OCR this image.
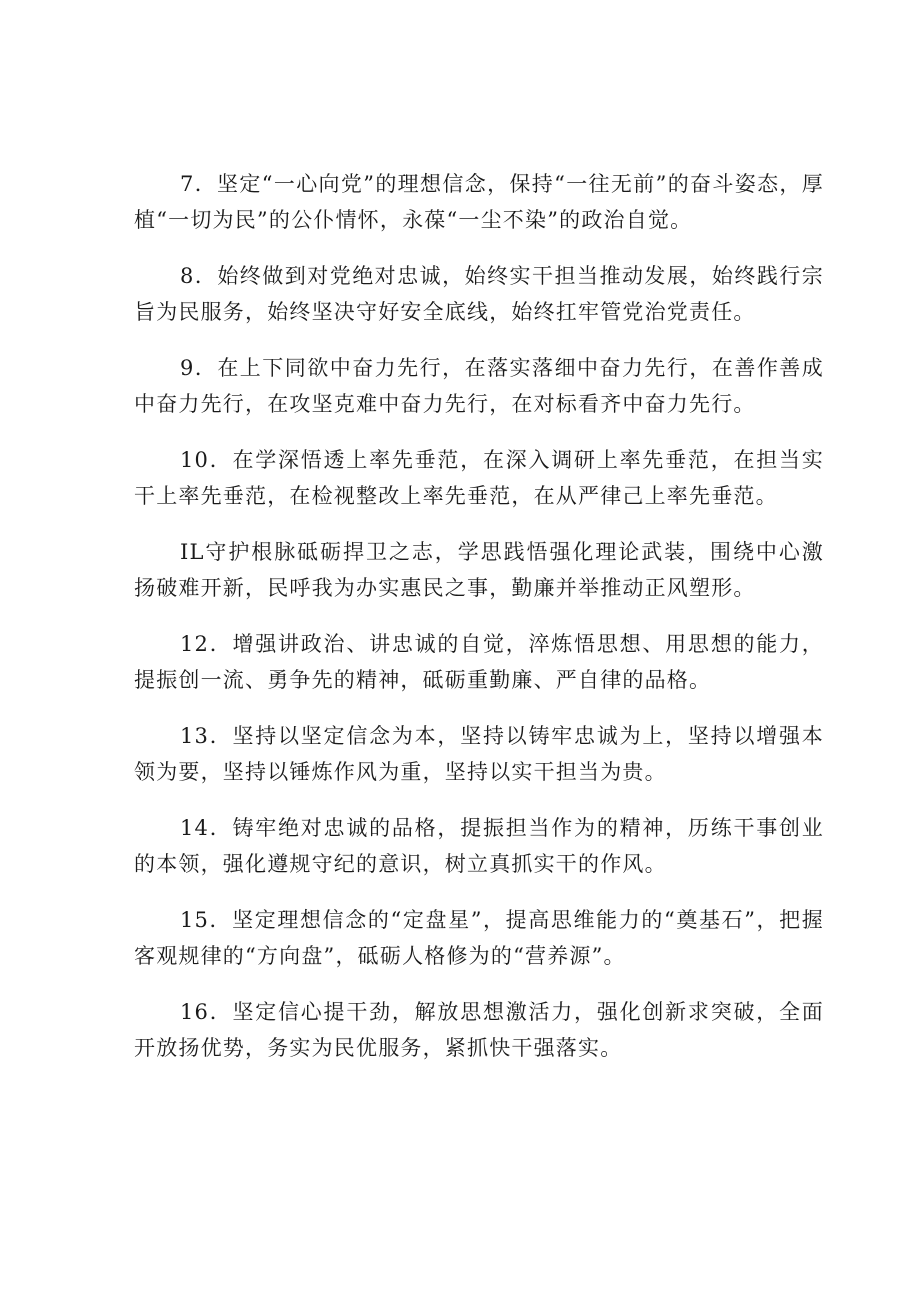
7．坚定“一心向党”的理想信念，保持“一往无前”的奋斗姿态，厚植“一切为民”的公仆情怀，永葆“一尘不染”的政治自觉。

8．始终做到对党绝对忠诚，始终实干担当推动发展，始终践行宗旨为民服务，始终坚决守好安全底线，始终扛牢管党治党责任。

9．在上下同欲中奋力先行，在落实落细中奋力先行，在善作善成中奋力先行，在攻坚克难中奋力先行，在对标看齐中奋力先行。

10．在学深悟透上率先垂范，在深入调研上率先垂范，在担当实干上率先垂范，在检视整改上率先垂范，在从严律己上率先垂范。

IL守护根脉砥砺捍卫之志，学思践悟强化理论武装，围绕中心激扬破难开新，民呼我为办实惠民之事，勤廉并举推动正风塑形。

12．增强讲政治、讲忠诚的自觉，淬炼悟思想、用思想的能力，提振创一流、勇争先的精神，砥砺重勤廉、严自律的品格。

13．坚持以坚定信念为本，坚持以铸牢忠诚为上，坚持以增强本领为要，坚持以锤炼作风为重，坚持以实干担当为贵。

14．铸牢绝对忠诚的品格，提振担当作为的精神，历练干事创业的本领，强化遵规守纪的意识，树立真抓实干的作风。

15．坚定理想信念的“定盘星”，提高思维能力的“奠基石”，把握客观规律的“方向盘”，砥砺人格修为的“营养源”。

16．坚定信心提干劲，解放思想激活力，强化创新求突破，全面开放扬优势，务实为民优服务，紧抓快干强落实。
